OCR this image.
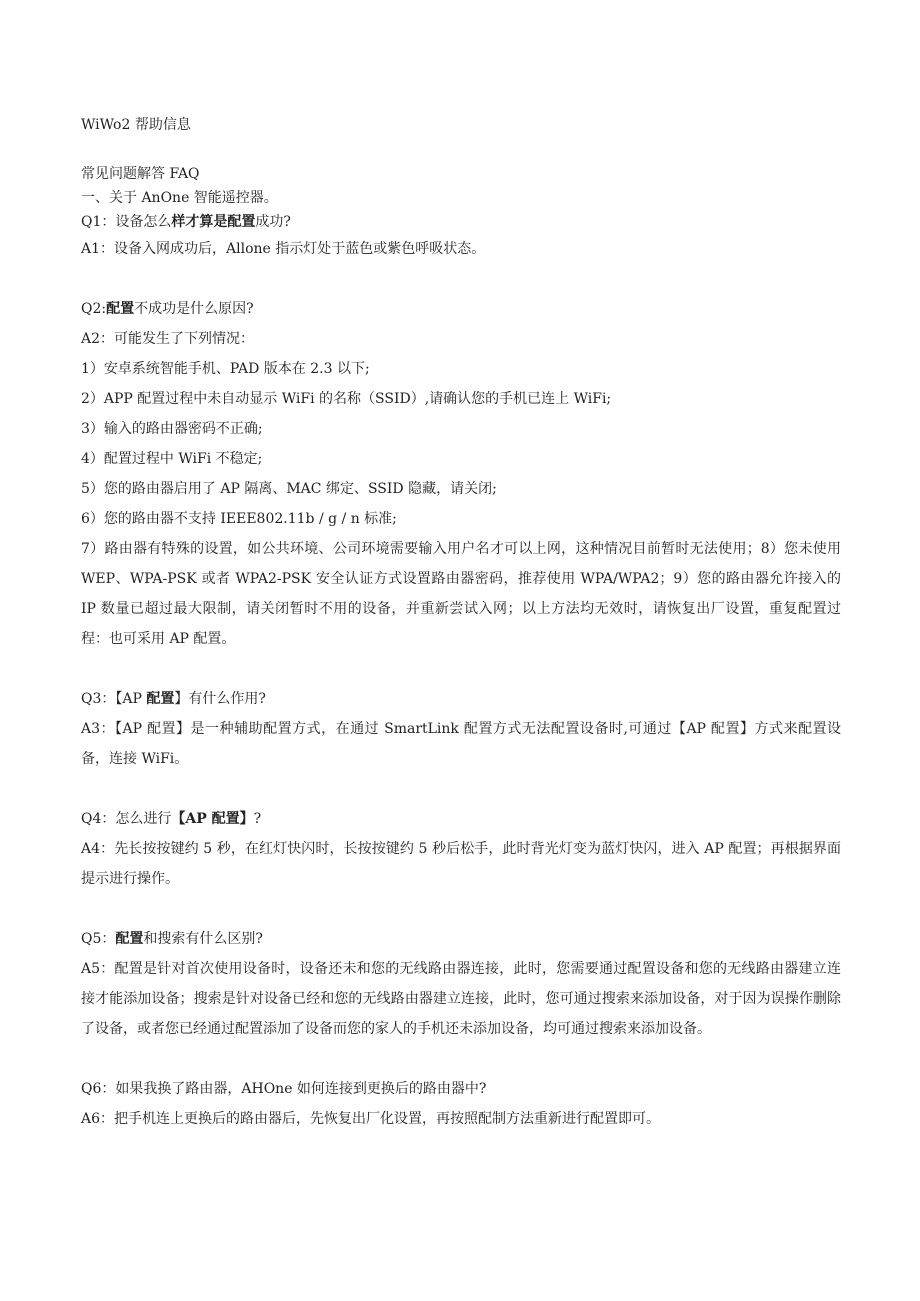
WiWo2 帮助信息
常见问题解答 FAQ
一、关于 AnOne 智能遥控器。
Q1：设备怎么样才算是配置成功?
A1：设备入网成功后，Allone 指示灯处于蓝色或紫色呼吸状态。
Q2:配置不成功是什么原因?
A2：可能发生了下列情况：
1）安卓系统智能手机、PAD 版本在 2.3 以下;
2）APP 配置过程中未自动显示 WiFi 的名称（SSID）,请确认您的手机已连上 WiFi;
3）输入的路由器密码不正确;
4）配置过程中 WiFi 不稳定;
5）您的路由器启用了 AP 隔离、MAC 绑定、SSID 隐藏，请关闭;
6）您的路由器不支持 IEEE802.11b / g / n 标准;
7）路由器有特殊的设置，如公共环境、公司环境需要输入用户名才可以上网，这种情况目前暂时无法使用；8）您未使用 WEP、WPA-PSK 或者 WPA2-PSK 安全认证方式设置路由器密码，推荐使用 WPA/WPA2；9）您的路由器允许接入的 IP 数量已超过最大限制，请关闭暂时不用的设备，并重新尝试入网；以上方法均无效时，请恢复出厂设置，重复配置过程：也可采用 AP 配置。
Q3：【AP 配置】有什么作用?
A3：【AP 配置】是一种辅助配置方式，在通过 SmartLink 配置方式无法配置设备时,可通过【AP 配置】方式来配置设备，连接 WiFi。
Q4：怎么进行【AP 配置】?
A4：先长按按键约 5 秒，在红灯快闪时，长按按键约 5 秒后松手，此时背光灯变为蓝灯快闪，进入 AP 配置；再根据界面提示进行操作。
Q5：配置和搜索有什么区别?
A5：配置是针对首次使用设备时，设备还未和您的无线路由器连接，此时，您需要通过配置设备和您的无线路由器建立连接才能添加设备；搜索是针对设备已经和您的无线路由器建立连接，此时，您可通过搜索来添加设备，对于因为误操作删除了设备，或者您已经通过配置添加了设备而您的家人的手机还未添加设备，均可通过搜索来添加设备。
Q6：如果我换了路由器，AHOne 如何连接到更换后的路由器中?
A6：把手机连上更换后的路由器后，先恢复出厂化设置，再按照配制方法重新进行配置即可。
